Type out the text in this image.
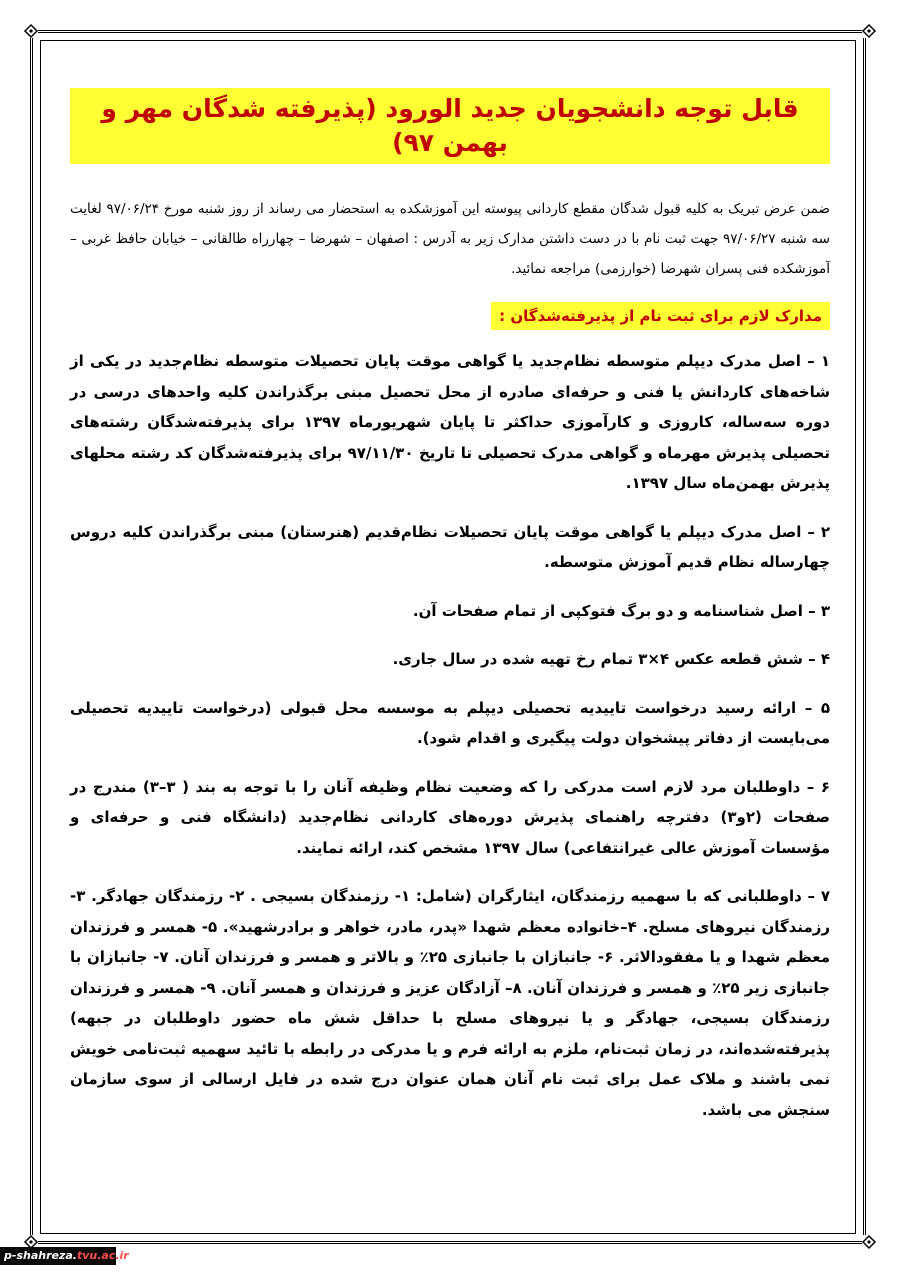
قابل توجه دانشجویان جدید الورود (پذیرفته شدگان مهر و بهمن ۹۷)

ضمن عرض تبریک به کلیه قبول شدگان مقطع کاردانی پیوسته این آموزشکده به استحضار می رساند از روز شنبه مورخ ۹۷/۰۶/۲۴ لغایت سه شنبه ۹۷/۰۶/۲۷ جهت ثبت نام با در دست داشتن مدارک زیر به آدرس : اصفهان – شهرضا – چهارراه طالقانی – خیابان حافظ غربی – آموزشکده فنی پسران شهرضا (خوارزمی) مراجعه نمائید.

مدارک لازم برای ثبت نام از پذیرفته‌شدگان :

۱ – اصل مدرک دیپلم متوسطه نظام‌جدید یا گواهی موقت پایان تحصیلات متوسطه نظام‌جدید در یکی از شاخه‌های کاردانش یا فنی و حرفه‌ای صادره از محل تحصیل مبنی برگذراندن کلیه واحدهای درسی در دوره سه‌ساله، کاروزی و کارآموزی حداکثر تا پایان شهریورماه ۱۳۹۷ برای پذیرفته‌شدگان رشته‌های تحصیلی پذیرش مهرماه و گواهی مدرک تحصیلی تا تاریخ ۹۷/۱۱/۳۰ برای پذیرفته‌شدگان کد رشته محلهای پذیرش بهمن‌ماه سال ۱۳۹۷.

۲ – اصل مدرک دیپلم یا گواهی موقت پایان تحصیلات نظام‌قدیم (هنرستان) مبنی برگذراندن کلیه دروس چهارساله نظام قدیم آموزش متوسطه.

۳ – اصل شناسنامه و دو برگ فتوکپی از تمام صفحات آن.

۴ – شش قطعه عکس ۴×۳ تمام رخ تهیه شده در سال جاری.

۵ – ارائه رسید درخواست تاییدیه تحصیلی دیپلم به موسسه محل قبولی (درخواست تاییدیه تحصیلی می‌بایست از دفاتر پیشخوان دولت پیگیری و اقدام شود).

۶ – داوطلبان مرد لازم است مدرکی را که وضعیت نظام وظیفه آنان را با توجه به بند ( ۳–۳) مندرج در صفحات (۲و۳) دفترچه راهنمای پذیرش دوره‌های کاردانی نظام‌جدید (دانشگاه فنی و حرفه‌ای و مؤسسات آموزش عالی غیرانتفاعی) سال ۱۳۹۷ مشخص کند، ارائه نمایند.

۷ – داوطلبانی که با سهمیه رزمندگان، ایثارگران (شامل: ۱- رزمندگان بسیجی . ۲- رزمندگان جهادگر. ۳- رزمندگان نیروهای مسلح. ۴–خانواده معظم شهدا «پدر، مادر، خواهر و برادرشهید». ۵- همسر و فرزندان معظم شهدا و یا مفقودالاثر. ۶- جانبازان با جانبازی ۲۵٪ و بالاتر و همسر و فرزندان آنان. ۷- جانبازان با جانبازی زیر ۲۵٪ و همسر و فرزندان آنان. ۸– آزادگان عزیز و فرزندان و همسر آنان. ۹- همسر و فرزندان رزمندگان بسیجی، جهادگر و یا نیروهای مسلح با حداقل شش ماه حضور داوطلبان در جبهه) پذیرفته‌شده‌اند، در زمان ثبت‌نام، ملزم به ارائه فرم و یا مدرکی در رابطه با تائید سهمیه ثبت‌نامی خویش نمی باشند و ملاک عمل برای ثبت نام آنان همان عنوان درج شده در فایل ارسالی از سوی سازمان سنجش می باشد.

p-shahreza.tvu.ac.ir
